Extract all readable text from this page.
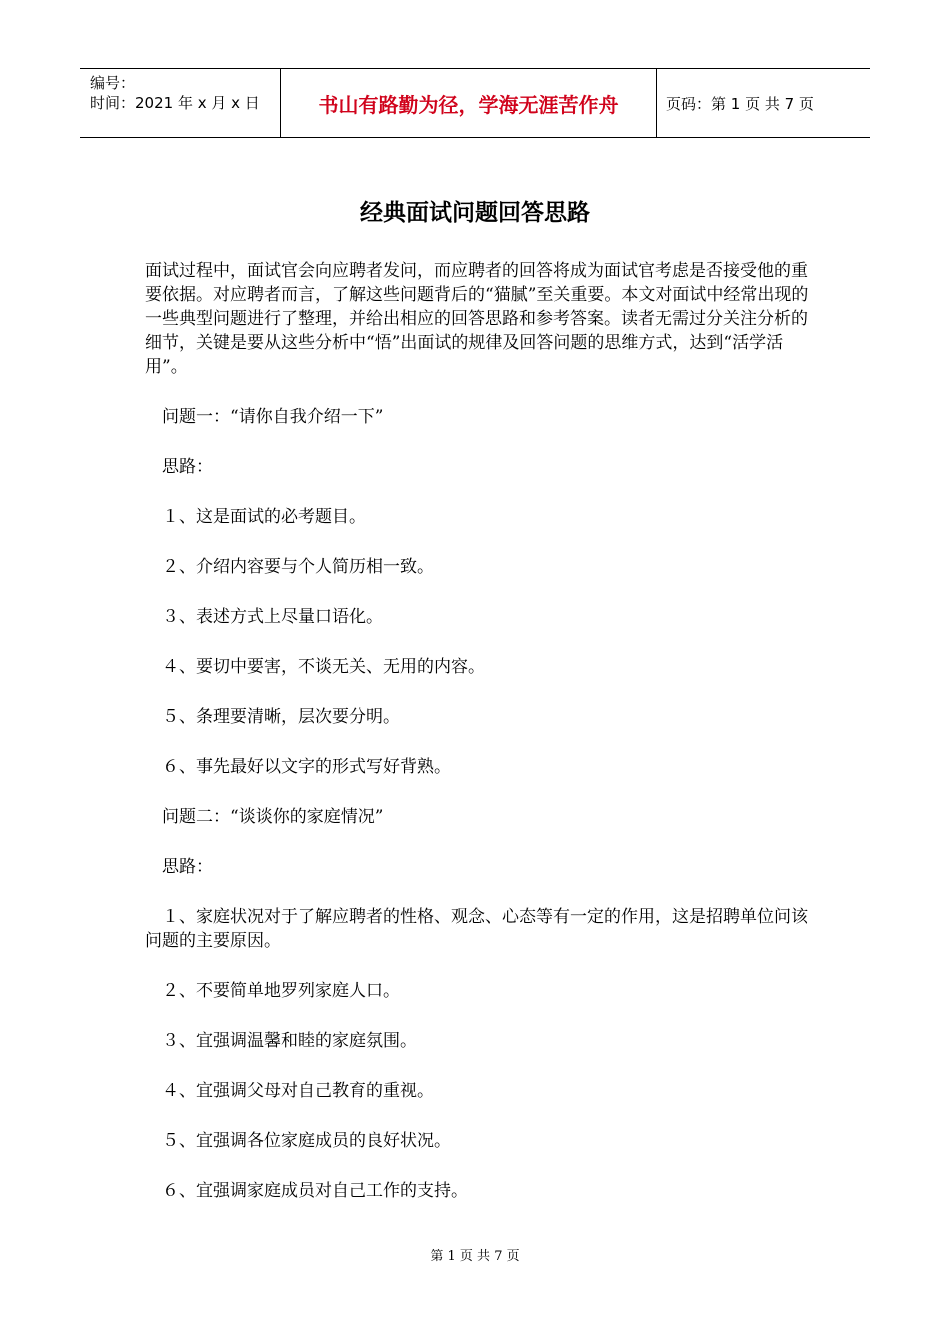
编号：
时间：2021 年 x 月 x 日	书山有路勤为径，学海无涯苦作舟	页码：第 1 页 共 7 页
经典面试问题回答思路

面试过程中，面试官会向应聘者发问，而应聘者的回答将成为面试官考虑是否接受他的重要依据。对应聘者而言，了解这些问题背后的“猫腻”至关重要。本文对面试中经常出现的一些典型问题进行了整理，并给出相应的回答思路和参考答案。读者无需过分关注分析的细节，关键是要从这些分析中“悟”出面试的规律及回答问题的思维方式，达到“活学活用”。

　问题一：“请你自我介绍一下”

　思路：

　１、这是面试的必考题目。

　２、介绍内容要与个人简历相一致。

　３、表述方式上尽量口语化。

　４、要切中要害，不谈无关、无用的内容。

　５、条理要清晰，层次要分明。

　６、事先最好以文字的形式写好背熟。

　问题二：“谈谈你的家庭情况”

　思路：

　１、家庭状况对于了解应聘者的性格、观念、心态等有一定的作用，这是招聘单位问该问题的主要原因。

　２、不要简单地罗列家庭人口。

　３、宜强调温馨和睦的家庭氛围。

　４、宜强调父母对自己教育的重视。

　５、宜强调各位家庭成员的良好状况。

　６、宜强调家庭成员对自己工作的支持。

第 1 页 共 7 页
